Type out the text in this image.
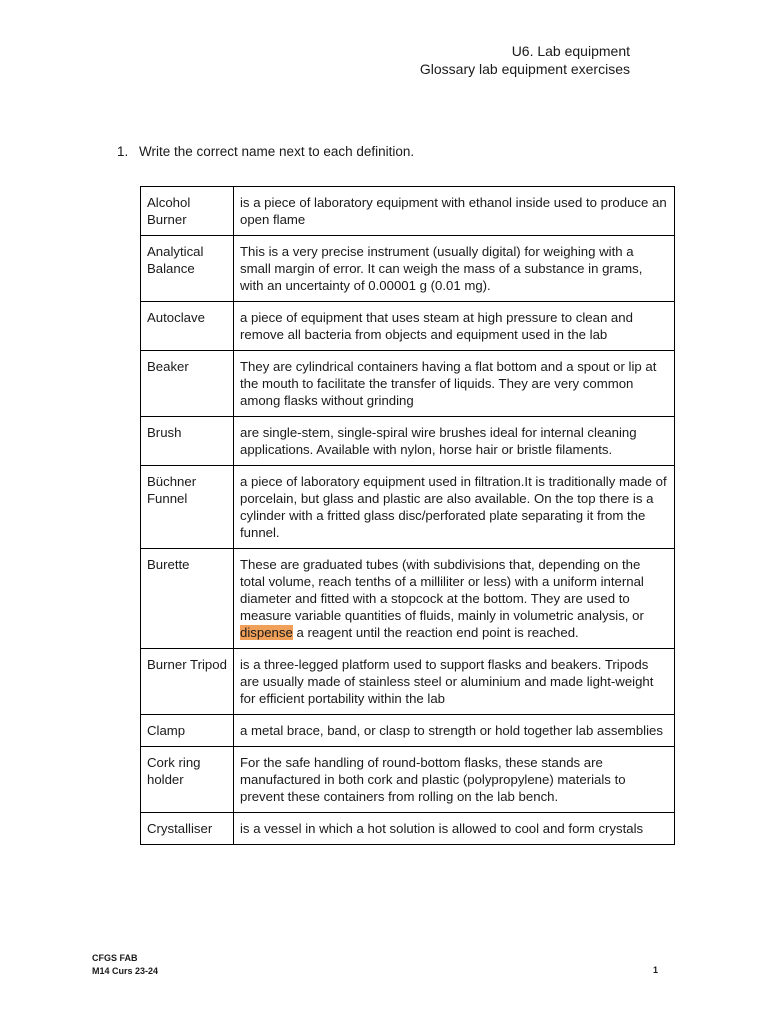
U6. Lab equipment
Glossary lab equipment exercises
1. Write the correct name next to each definition.
Alcohol Burner	is a piece of laboratory equipment with ethanol inside used to produce an open flame
Analytical Balance	This is a very precise instrument (usually digital) for weighing with a small margin of error. It can weigh the mass of a substance in grams, with an uncertainty of 0.00001 g (0.01 mg).
Autoclave	a piece of equipment that uses steam at high pressure to clean and remove all bacteria from objects and equipment used in the lab
Beaker	They are cylindrical containers having a flat bottom and a spout or lip at the mouth to facilitate the transfer of liquids. They are very common among flasks without grinding
Brush	are single-stem, single-spiral wire brushes ideal for internal cleaning applications. Available with nylon, horse hair or bristle filaments.
Büchner Funnel	a piece of laboratory equipment used in filtration.It is traditionally made of porcelain, but glass and plastic are also available. On the top there is a cylinder with a fritted glass disc/perforated plate separating it from the funnel.
Burette	These are graduated tubes (with subdivisions that, depending on the total volume, reach tenths of a milliliter or less) with a uniform internal diameter and fitted with a stopcock at the bottom. They are used to measure variable quantities of fluids, mainly in volumetric analysis, or dispense a reagent until the reaction end point is reached.
Burner Tripod	is a three-legged platform used to support flasks and beakers. Tripods are usually made of stainless steel or aluminium and made light-weight for efficient portability within the lab
Clamp	a metal brace, band, or clasp to strength or hold together lab assemblies
Cork ring holder	For the safe handling of round-bottom flasks, these stands are manufactured in both cork and plastic (polypropylene) materials to prevent these containers from rolling on the lab bench.
Crystalliser	is a vessel in which a hot solution is allowed to cool and form crystals
CFGS FAB
M14 Curs 23-24	1
